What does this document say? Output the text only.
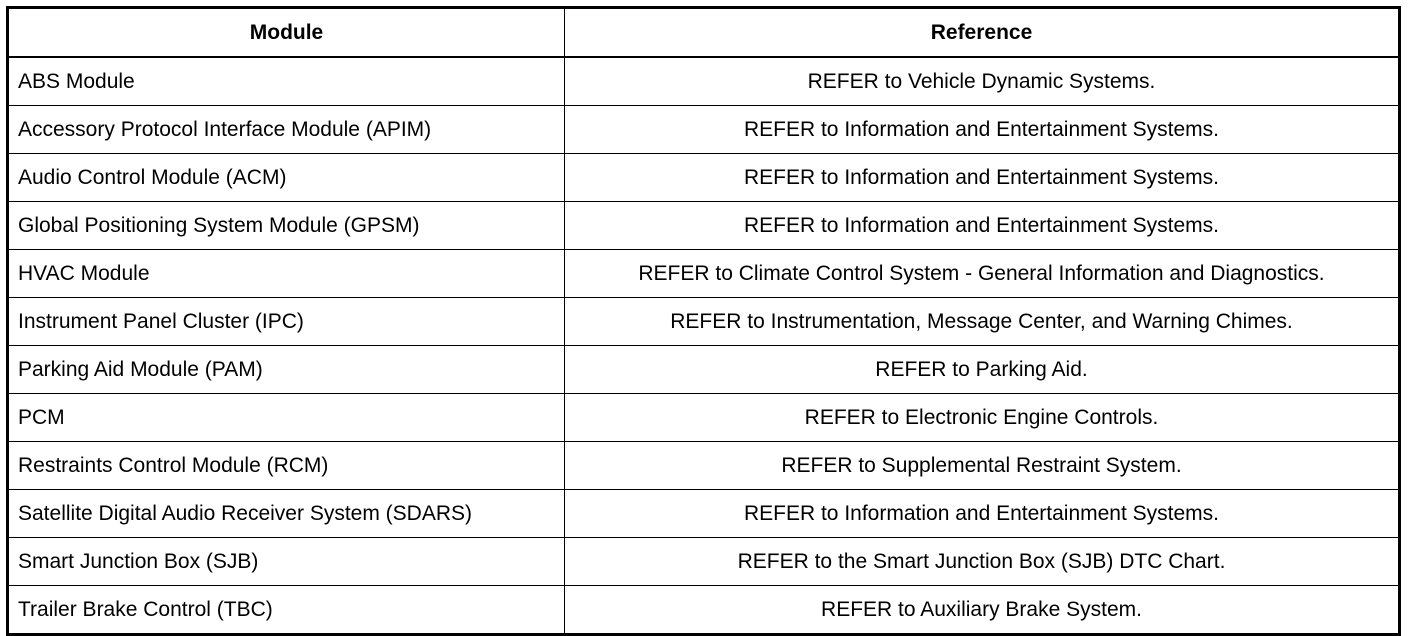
Module	Reference
ABS Module	REFER to Vehicle Dynamic Systems.
Accessory Protocol Interface Module (APIM)	REFER to Information and Entertainment Systems.
Audio Control Module (ACM)	REFER to Information and Entertainment Systems.
Global Positioning System Module (GPSM)	REFER to Information and Entertainment Systems.
HVAC Module	REFER to Climate Control System - General Information and Diagnostics.
Instrument Panel Cluster (IPC)	REFER to Instrumentation, Message Center, and Warning Chimes.
Parking Aid Module (PAM)	REFER to Parking Aid.
PCM	REFER to Electronic Engine Controls.
Restraints Control Module (RCM)	REFER to Supplemental Restraint System.
Satellite Digital Audio Receiver System (SDARS)	REFER to Information and Entertainment Systems.
Smart Junction Box (SJB)	REFER to the Smart Junction Box (SJB) DTC Chart.
Trailer Brake Control (TBC)	REFER to Auxiliary Brake System.
